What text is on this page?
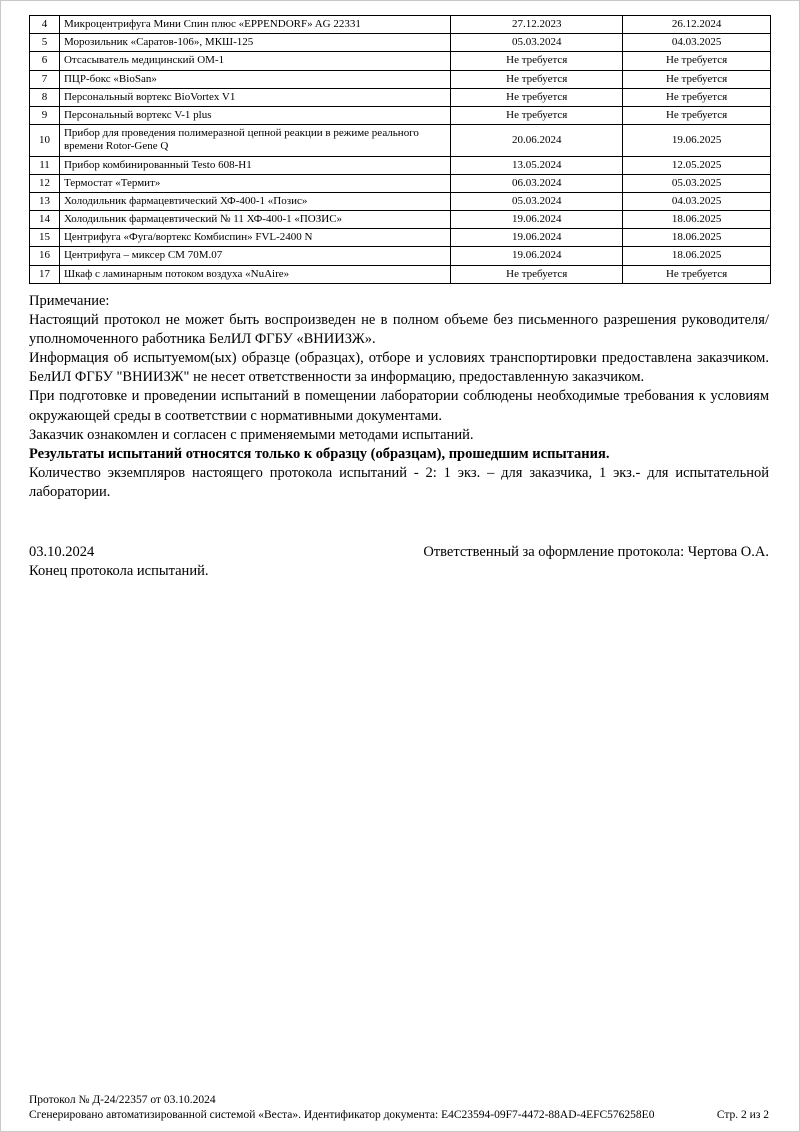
4	Микроцентрифуга Мини Спин плюс «EPPENDORF» AG 22331	27.12.2023	26.12.2024
5	Морозильник «Саратов-106», МКШ-125	05.03.2024	04.03.2025
6	Отсасыватель медицинский ОМ-1	Не требуется	Не требуется
7	ПЦР-бокс «BioSan»	Не требуется	Не требуется
8	Персональный вортекс BioVortex V1	Не требуется	Не требуется
9	Персональный вортекс V-1 plus	Не требуется	Не требуется
10	Прибор для проведения полимеразной цепной реакции в режиме реального времени Rotor-Gene Q	20.06.2024	19.06.2025
11	Прибор комбинированный Testo 608-H1	13.05.2024	12.05.2025
12	Термостат «Термит»	06.03.2024	05.03.2025
13	Холодильник фармацевтический ХФ-400-1 «Позис»	05.03.2024	04.03.2025
14	Холодильник фармацевтический № 11 ХФ-400-1 «ПОЗИС»	19.06.2024	18.06.2025
15	Центрифуга «Фуга/вортекс Комбиспин» FVL-2400 N	19.06.2024	18.06.2025
16	Центрифуга – миксер СМ 70М.07	19.06.2024	18.06.2025
17	Шкаф с ламинарным потоком воздуха «NuAire»	Не требуется	Не требуется
Примечание:

Настоящий протокол не может быть воспроизведен не в полном объеме без письменного разрешения руководителя/уполномоченного работника БелИЛ ФГБУ «ВНИИЗЖ».

Информация об испытуемом(ых) образце (образцах), отборе и условиях транспортировки предоставлена заказчиком. БелИЛ ФГБУ "ВНИИЗЖ" не несет ответственности за информацию, предоставленную заказчиком.

При подготовке и проведении испытаний в помещении лаборатории соблюдены необходимые требования к условиям окружающей среды в соответствии с нормативными документами.

Заказчик ознакомлен и согласен с применяемыми методами испытаний.

Результаты испытаний относятся только к образцу (образцам), прошедшим испытания.

Количество экземпляров настоящего протокола испытаний - 2: 1 экз. – для заказчика, 1 экз.- для испытательной лаборатории.

03.10.2024	Ответственный за оформление протокола: Чертова О.А.
Конец протокола испытаний.
Протокол № Д-24/22357 от 03.10.2024
Сгенерировано автоматизированной системой «Веста». Идентификатор документа: E4C23594-09F7-4472-88AD-4EFC576258E0	Стр. 2 из 2
